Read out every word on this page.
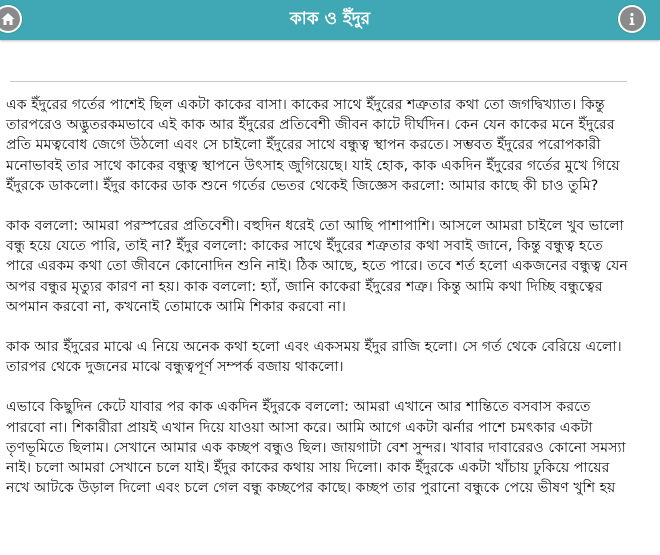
কাক ও ইঁদুর

এক ইঁদুরের গর্তের পাশেই ছিল একটা কাকের বাসা। কাকের সাথে ইঁদুরের শত্রুতার কথা তো জগদ্বিখ্যাত। কিন্তু তারপরেও অদ্ভুতরকমভাবে এই কাক আর ইঁদুরের প্রতিবেশী জীবন কাটে দীর্ঘদিন। কেন যেন কাকের মনে ইঁদুরের প্রতি মমত্ববোধ জেগে উঠলো এবং সে চাইলো ইঁদুরের সাথে বন্ধুত্ব স্থাপন করতে। সম্ভবত ইঁদুরের পরোপকারী মনোভাবই তার সাথে কাকের বন্ধুত্ব স্থাপনে উৎসাহ জুগিয়েছে। যাই হোক, কাক একদিন ইঁদুরের গর্তের মুখে গিয়ে ইঁদুরকে ডাকলো। ইঁদুর কাকের ডাক শুনে গর্তের ভেতর থেকেই জিজ্ঞেস করলো: আমার কাছে কী চাও তুমি?

কাক বললো: আমরা পরস্পরের প্রতিবেশী। বহুদিন ধরেই তো আছি পাশাপাশি। আসলে আমরা চাইলে খুব ভালো বন্ধু হয়ে যেতে পারি, তাই না? ইঁদুর বললো: কাকের সাথে ইঁদুরের শত্রুতার কথা সবাই জানে, কিন্তু বন্ধুত্ব হতে পারে এরকম কথা তো জীবনে কোনোদিন শুনি নাই। ঠিক আছে, হতে পারে। তবে শর্ত হলো একজনের বন্ধুত্ব যেন অপর বন্ধুর মৃত্যুর কারণ না হয়। কাক বললো: হ্যাঁ, জানি কাকেরা ইঁদুরের শত্রু। কিন্তু আমি কথা দিচ্ছি বন্ধুত্বের অপমান করবো না, কখনোই তোমাকে আমি শিকার করবো না।

কাক আর ইঁদুরের মাঝে এ নিয়ে অনেক কথা হলো এবং একসময় ইঁদুর রাজি হলো। সে গর্ত থেকে বেরিয়ে এলো। তারপর থেকে দুজনের মাঝে বন্ধুত্বপূর্ণ সম্পর্ক বজায় থাকলো।

এভাবে কিছুদিন কেটে যাবার পর কাক একদিন ইঁদুরকে বললো: আমরা এখানে আর শান্তিতে বসবাস করতে পারবো না। শিকারীরা প্রায়ই এখান দিয়ে যাওয়া আসা করে। আমি আগে একটা ঝর্নার পাশে চমৎকার একটা তৃণভূমিতে ছিলাম। সেখানে আমার এক কচ্ছপ বন্ধুও ছিল। জায়গাটা বেশ সুন্দর। খাবার দাবারেরও কোনো সমস্যা নাই। চলো আমরা সেখানে চলে যাই। ইঁদুর কাকের কথায় সায় দিলো। কাক ইঁদুরকে একটা খাঁচায় ঢুকিয়ে পায়ের নখে আটকে উড়াল দিলো এবং চলে গেল বন্ধু কচ্ছপের কাছে। কচ্ছপ তার পুরানো বন্ধুকে পেয়ে ভীষণ খুশি হয়
